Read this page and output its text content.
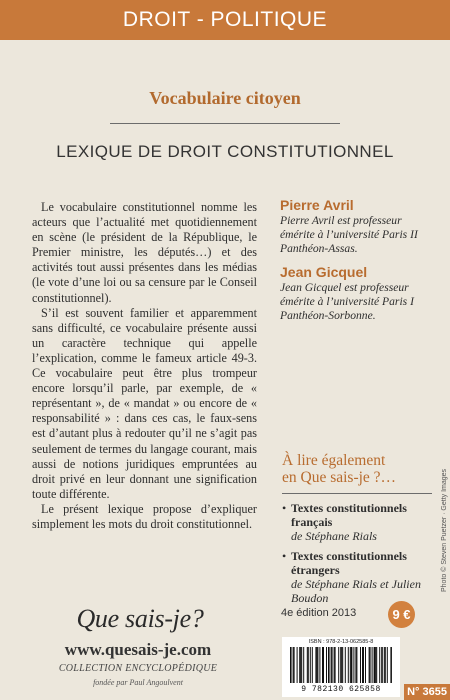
DROIT - POLITIQUE
Vocabulaire citoyen
LEXIQUE DE DROIT CONSTITUTIONNEL

Le vocabulaire constitutionnel nomme les acteurs que l’actualité met quotidiennement en scène (le président de la République, le Premier ministre, les députés…) et des activités tout aussi présentes dans les médias (le vote d’une loi ou sa censure par le Conseil constitutionnel).

S’il est souvent familier et apparemment sans difficulté, ce vocabulaire présente aussi un caractère technique qui appelle l’explication, comme le fameux article 49-3. Ce vocabulaire peut être plus trompeur encore lorsqu’il parle, par exemple, de « représentant », de « mandat » ou encore de « responsabilité » : dans ces cas, le faux-sens est d’autant plus à redouter qu’il ne s’agit pas seulement de termes du langage courant, mais aussi de notions juridiques empruntées au droit privé en leur donnant une signification toute différente.

Le présent lexique propose d’expliquer simplement les mots du droit constitutionnel.

Pierre Avril
Pierre Avril est professeur émérite à l’université Paris II Panthéon-Assas.
Jean Gicquel
Jean Gicquel est professeur émérite à l’université Paris I Panthéon-Sorbonne.
À lire également
en Que sais-je ?…
• Textes constitutionnels français
de Stéphane Rials
• Textes constitutionnels étrangers
de Stéphane Rials et Julien Boudon
Photo © Steven Puetzer · Getty Images
Que sais-je?
www.quesais-je.com
COLLECTION ENCYCLOPÉDIQUE
fondée par Paul Angoulvent
4e édition 2013	9 €
ISBN : 978-2-13-062585-8
9 782130 625858	N° 3655
